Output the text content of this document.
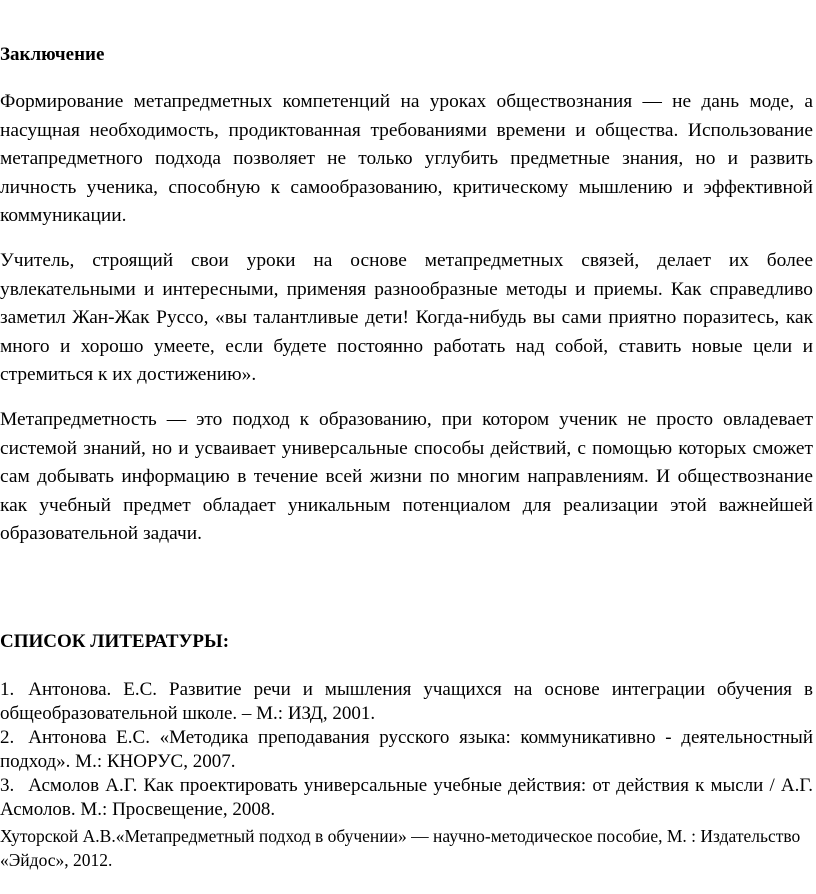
Заключение

Формирование метапредметных компетенций на уроках обществознания — не дань моде, а насущная необходимость, продиктованная требованиями времени и общества. Использование метапредметного подхода позволяет не только углубить предметные знания, но и развить личность ученика, способную к самообразованию, критическому мышлению и эффективной коммуникации.

Учитель, строящий свои уроки на основе метапредметных связей, делает их более увлекательными и интересными, применяя разнообразные методы и приемы. Как справедливо заметил Жан-Жак Руссо, «вы талантливые дети! Когда-нибудь вы сами приятно поразитесь, как много и хорошо умеете, если будете постоянно работать над собой, ставить новые цели и стремиться к их достижению».

Метапредметность — это подход к образованию, при котором ученик не просто овладевает системой знаний, но и усваивает универсальные способы действий, с помощью которых сможет сам добывать информацию в течение всей жизни по многим направлениям. И обществознание как учебный предмет обладает уникальным потенциалом для реализации этой важнейшей образовательной задачи.

СПИСОК ЛИТЕРАТУРЫ:
1. Антонова. Е.С. Развитие речи и мышления учащихся на основе интеграции обучения в общеобразовательной школе. – М.: ИЗД, 2001.
2. Антонова Е.С. «Методика преподавания русского языка: коммуникативно - деятельностный подход». М.: КНОРУС, 2007.
3. Асмолов А.Г. Как проектировать универсальные учебные действия: от действия к мысли / А.Г. Асмолов. М.: Просвещение, 2008.
Хуторской А.В.«Метапредметный подход в обучении» — научно-методическое пособие, М. : Издательство «Эйдос», 2012.
